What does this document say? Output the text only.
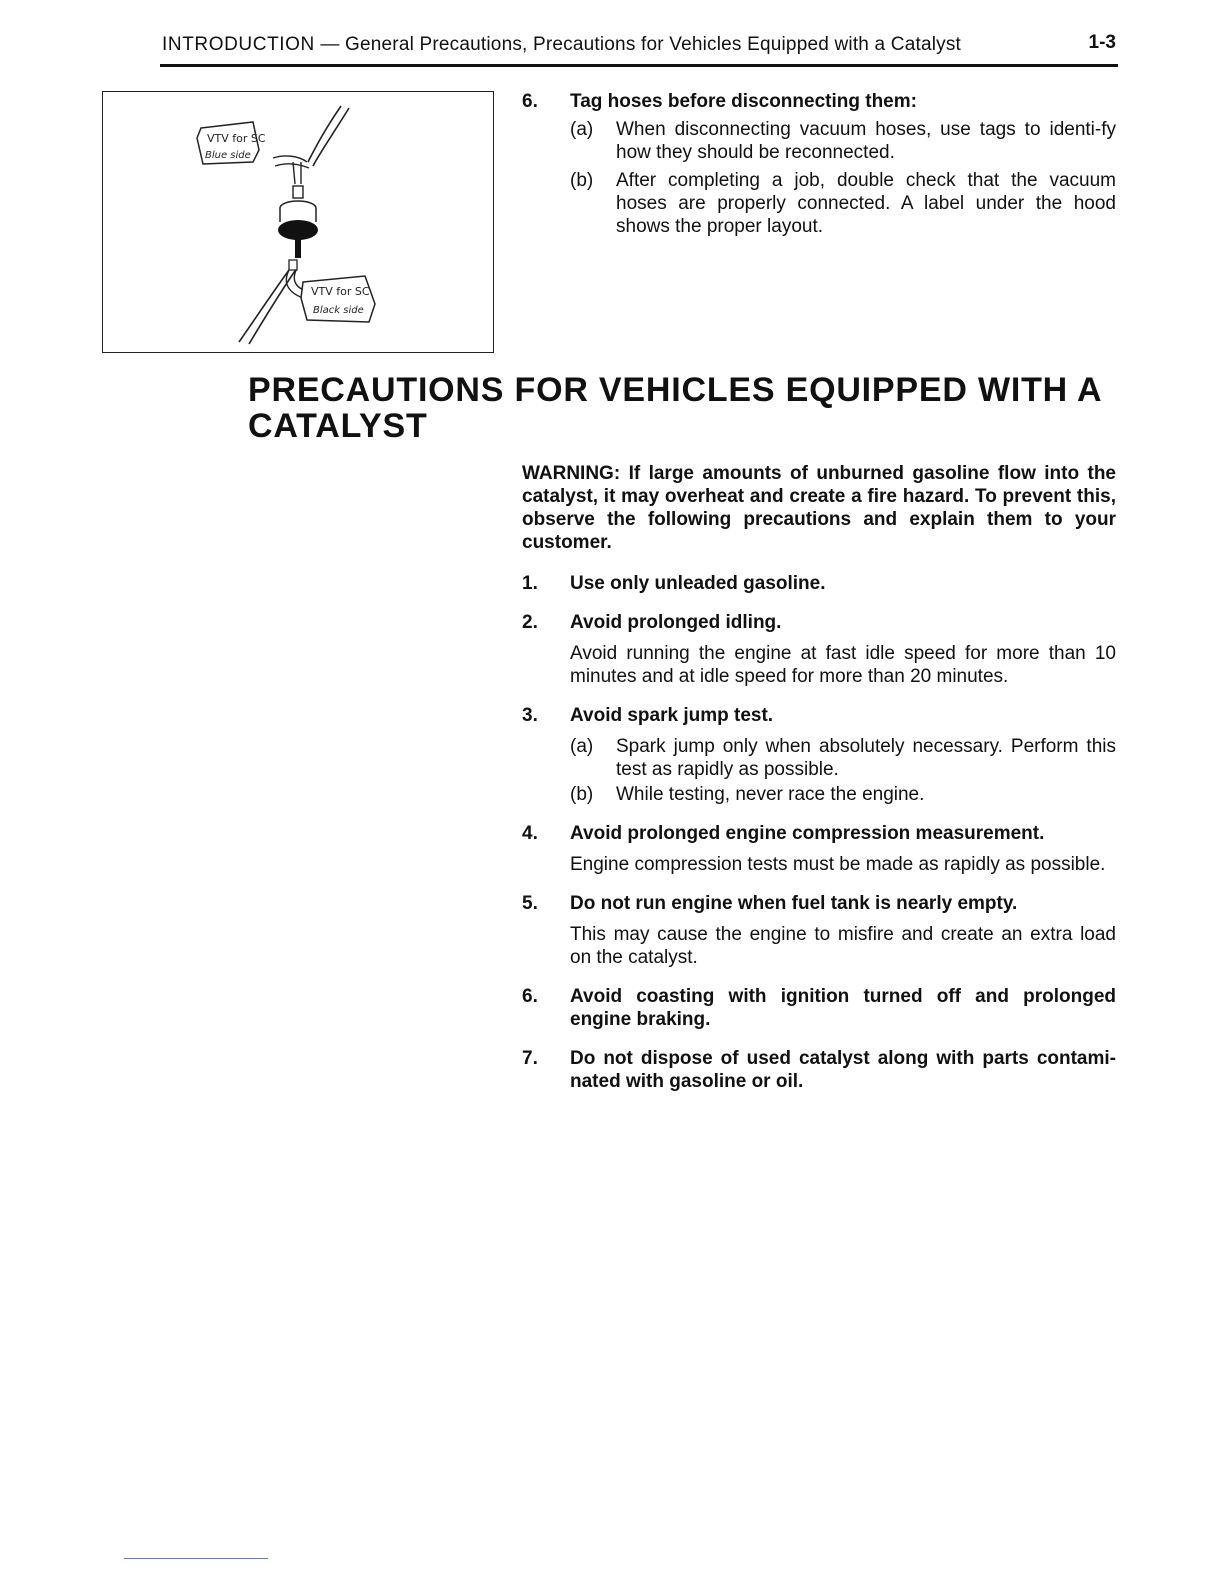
INTRODUCTION — General Precautions, Precautions for Vehicles Equipped with a Catalyst	1-3
VTV for SC
Blue side
VTV for SC
Black side
6. Tag hoses before disconnecting them:
(a) When disconnecting vacuum hoses, use tags to identi-fy how they should be reconnected.
(b) After completing a job, double check that the vacuum hoses are properly connected. A label under the hood shows the proper layout.
PRECAUTIONS FOR VEHICLES EQUIPPED WITH A CATALYST
WARNING: If large amounts of unburned gasoline flow into the catalyst, it may overheat and create a fire hazard. To prevent this, observe the following precautions and explain them to your customer.
1. Use only unleaded gasoline.
2. Avoid prolonged idling.
Avoid running the engine at fast idle speed for more than 10 minutes and at idle speed for more than 20 minutes.
3. Avoid spark jump test.
(a) Spark jump only when absolutely necessary. Perform this test as rapidly as possible.
(b) While testing, never race the engine.
4. Avoid prolonged engine compression measurement.
Engine compression tests must be made as rapidly as possible.
5. Do not run engine when fuel tank is nearly empty.
This may cause the engine to misfire and create an extra load on the catalyst.
6. Avoid coasting with ignition turned off and prolonged engine braking.
7. Do not dispose of used catalyst along with parts contami-nated with gasoline or oil.
